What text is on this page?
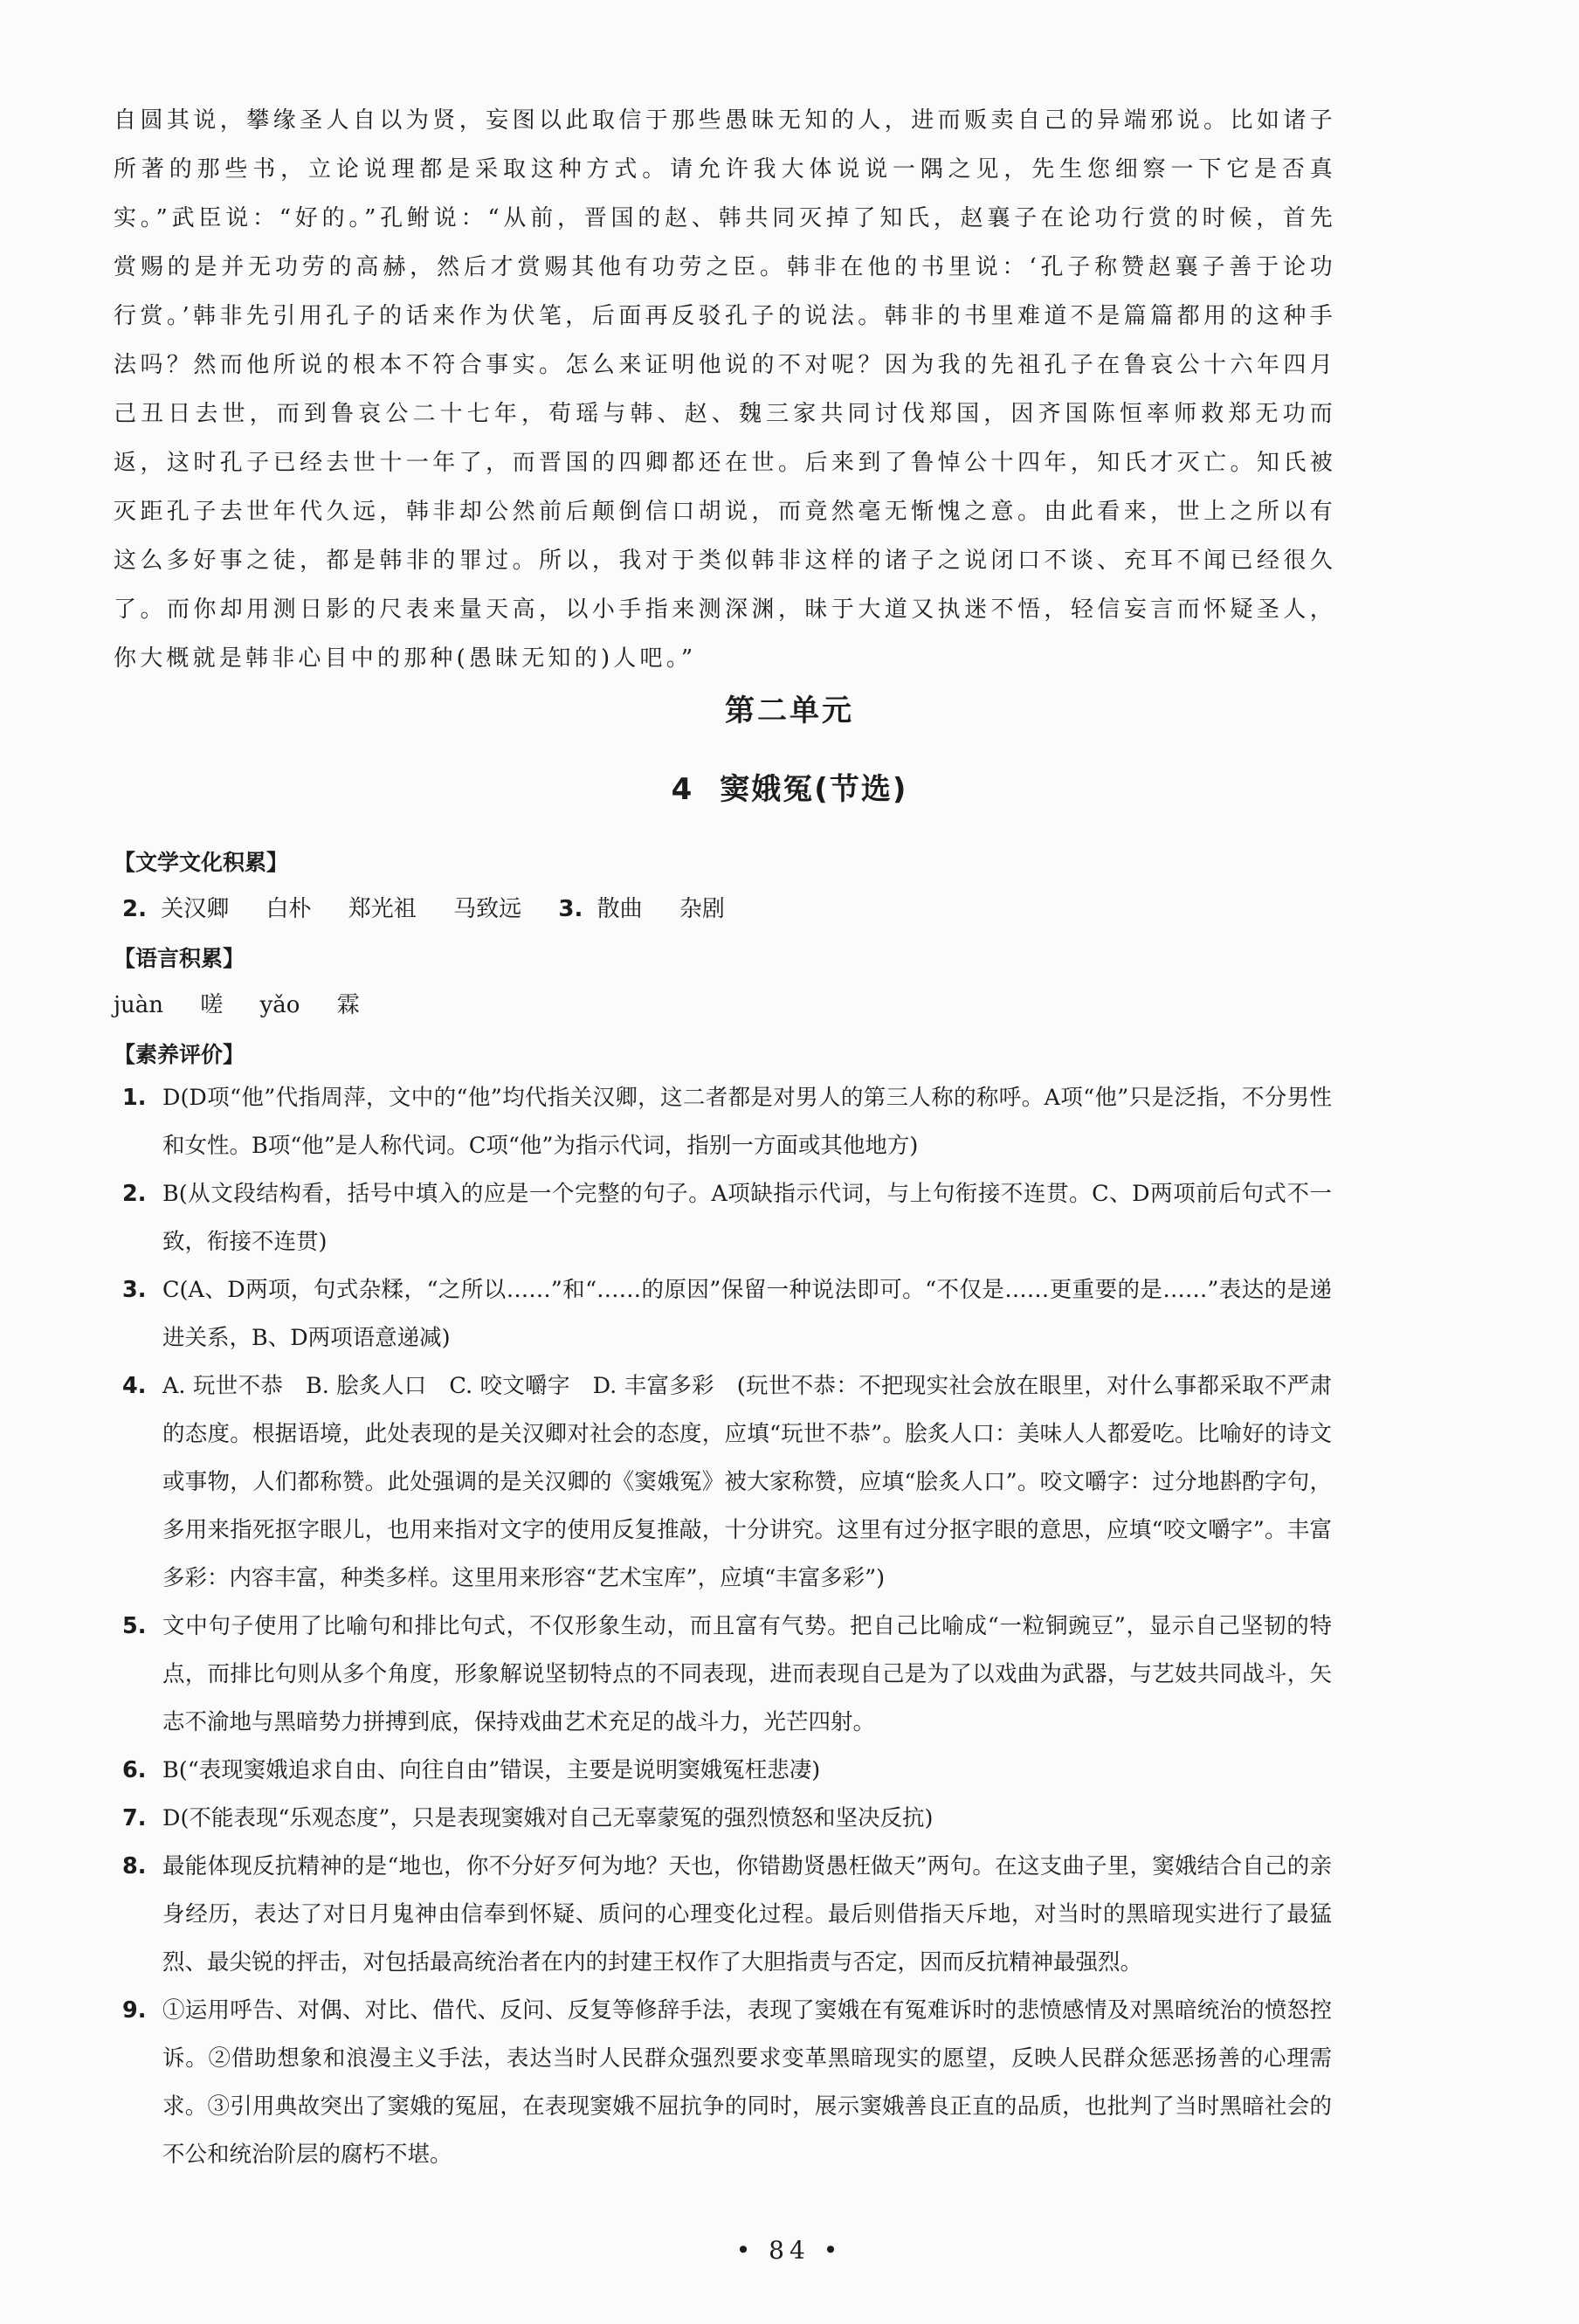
自圆其说，攀缘圣人自以为贤，妄图以此取信于那些愚昧无知的人，进而贩卖自己的异端邪说。比如诸子所著的那些书，立论说理都是采取这种方式。请允许我大体说说一隅之见，先生您细察一下它是否真实。”武臣说：“好的。”孔鲋说：“从前，晋国的赵、韩共同灭掉了知氏，赵襄子在论功行赏的时候，首先赏赐的是并无功劳的高赫，然后才赏赐其他有功劳之臣。韩非在他的书里说：‘孔子称赞赵襄子善于论功行赏。’韩非先引用孔子的话来作为伏笔，后面再反驳孔子的说法。韩非的书里难道不是篇篇都用的这种手法吗？然而他所说的根本不符合事实。怎么来证明他说的不对呢？因为我的先祖孔子在鲁哀公十六年四月己丑日去世，而到鲁哀公二十七年，荀瑶与韩、赵、魏三家共同讨伐郑国，因齐国陈恒率师救郑无功而返，这时孔子已经去世十一年了，而晋国的四卿都还在世。后来到了鲁悼公十四年，知氏才灭亡。知氏被灭距孔子去世年代久远，韩非却公然前后颠倒信口胡说，而竟然毫无惭愧之意。由此看来，世上之所以有这么多好事之徒，都是韩非的罪过。所以，我对于类似韩非这样的诸子之说闭口不谈、充耳不闻已经很久了。而你却用测日影的尺表来量天高，以小手指来测深渊，昧于大道又执迷不悟，轻信妄言而怀疑圣人，你大概就是韩非心目中的那种(愚昧无知的)人吧。”
第二单元
4 窦娥冤(节选)
【文学文化积累】
2. 关汉卿 白朴 郑光祖 马致远 3. 散曲 杂剧
【语言积累】
juàn 嗟 yǎo 霖
【素养评价】
1. D(D项“他”代指周萍，文中的“他”均代指关汉卿，这二者都是对男人的第三人称的称呼。A项“他”只是泛指，不分男性和女性。B项“他”是人称代词。C项“他”为指示代词，指别一方面或其他地方)
2. B(从文段结构看，括号中填入的应是一个完整的句子。A项缺指示代词，与上句衔接不连贯。C、D两项前后句式不一致，衔接不连贯)
3. C(A、D两项，句式杂糅，“之所以……”和“……的原因”保留一种说法即可。“不仅是……更重要的是……”表达的是递进关系，B、D两项语意递减)
4. A. 玩世不恭　B. 脍炙人口　C. 咬文嚼字　D. 丰富多彩　(玩世不恭：不把现实社会放在眼里，对什么事都采取不严肃的态度。根据语境，此处表现的是关汉卿对社会的态度，应填“玩世不恭”。脍炙人口：美味人人都爱吃。比喻好的诗文或事物，人们都称赞。此处强调的是关汉卿的《窦娥冤》被大家称赞，应填“脍炙人口”。咬文嚼字：过分地斟酌字句，多用来指死抠字眼儿，也用来指对文字的使用反复推敲，十分讲究。这里有过分抠字眼的意思，应填“咬文嚼字”。丰富多彩：内容丰富，种类多样。这里用来形容“艺术宝库”，应填“丰富多彩”)
5. 文中句子使用了比喻句和排比句式，不仅形象生动，而且富有气势。把自己比喻成“一粒铜豌豆”，显示自己坚韧的特点，而排比句则从多个角度，形象解说坚韧特点的不同表现，进而表现自己是为了以戏曲为武器，与艺妓共同战斗，矢志不渝地与黑暗势力拼搏到底，保持戏曲艺术充足的战斗力，光芒四射。
6. B(“表现窦娥追求自由、向往自由”错误，主要是说明窦娥冤枉悲凄)
7. D(不能表现“乐观态度”，只是表现窦娥对自己无辜蒙冤的强烈愤怒和坚决反抗)
8. 最能体现反抗精神的是“地也，你不分好歹何为地？天也，你错勘贤愚枉做天”两句。在这支曲子里，窦娥结合自己的亲身经历，表达了对日月鬼神由信奉到怀疑、质问的心理变化过程。最后则借指天斥地，对当时的黑暗现实进行了最猛烈、最尖锐的抨击，对包括最高统治者在内的封建王权作了大胆指责与否定，因而反抗精神最强烈。
9. ①运用呼告、对偶、对比、借代、反问、反复等修辞手法，表现了窦娥在有冤难诉时的悲愤感情及对黑暗统治的愤怒控诉。②借助想象和浪漫主义手法，表达当时人民群众强烈要求变革黑暗现实的愿望，反映人民群众惩恶扬善的心理需求。③引用典故突出了窦娥的冤屈，在表现窦娥不屈抗争的同时，展示窦娥善良正直的品质，也批判了当时黑暗社会的不公和统治阶层的腐朽不堪。
• 84 •
